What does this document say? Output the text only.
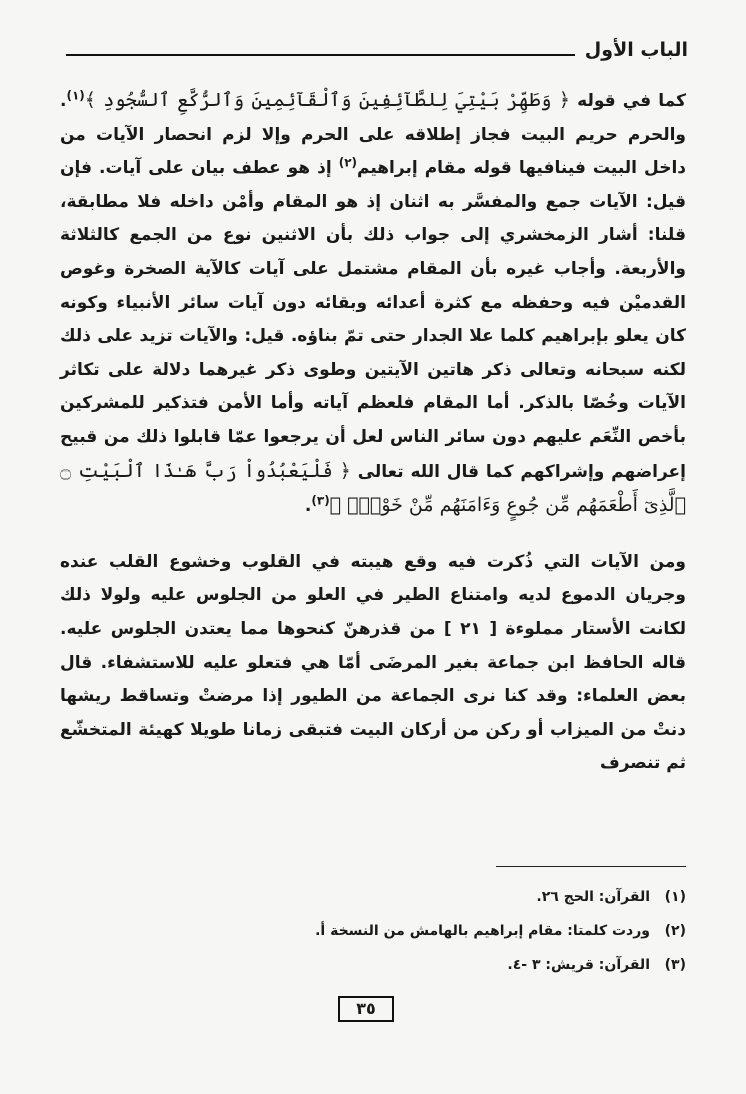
الباب الأول

كما في قوله ﴿ وَطَهِّرْ بَيْتِيَ لِلطَّآئِفِينَ وَٱلْقَآئِمِينَ وَٱلرُّكَّعِ ٱلسُّجُودِ ﴾$^{(١)}$. والحرم حريم البيت فجاز إطلاقه على الحرم وإلا لزم انحصار الآيات من داخل البيت فينافيها قوله مقام إبراهيم$^{(٢)}$ إذ هو عطف بيان على آيات. فإن قيل: الآيات جمع والمفسَّر به اثنان إذ هو المقام وأمْن داخله فلا مطابقة، قلنا: أشار الزمخشري إلى جواب ذلك بأن الاثنين نوع من الجمع كالثلاثة والأربعة. وأجاب غيره بأن المقام مشتمل على آيات كالآية الصخرة وغوص القدميْن فيه وحفظه مع كثرة أعدائه وبقائه دون آيات سائر الأنبياء وكونه كان يعلو بإبراهيم كلما علا الجدار حتى تمّ بناؤه. قيل: والآيات تزيد على ذلك لكنه سبحانه وتعالى ذكر هاتين الآيتين وطوى ذكر غيرهما دلالة على تكاثر الآيات وخُصّا بالذكر. أما المقام فلعظم آياته وأما الأمن فتذكير للمشركين بأخص النِّعَم عليهم دون سائر الناس لعل أن يرجعوا عمّا قابلوا ذلك من قبيح إعراضهم وإشراكهم كما قال الله تعالى ﴿ فَلْيَعْبُدُواْ رَبَّ هَـٰذَا ٱلْبَيْتِ ۝ ٱلَّذِىٓ أَطْعَمَهُم مِّن جُوعٍ وَءَامَنَهُم مِّنْ خَوْفٍۭ ﴾$^{(٣)}$.

ومن الآيات التي ذُكرت فيه وقع هيبته في القلوب وخشوع القلب عنده وجريان الدموع لديه وامتناع الطير في العلو من الجلوس عليه ولولا ذلك لكانت الأستار مملوءة [ ٢١ ] من قذرهنّ كنحوها مما يعتدن الجلوس عليه. قاله الحافظ ابن جماعة بغير المرضَى أمّا هي فتعلو عليه للاستشفاء. قال بعض العلماء: وقد كنا نرى الجماعة من الطيور إذا مرضتْ وتساقط ريشها دنتْ من الميزاب أو ركن من أركان البيت فتبقى زمانا طويلا كهيئة المتخشّع ثم تنصرف

(١)
القرآن: الحج ٢٦.
(٢)
وردت كلمتا: مقام إبراهيم بالهامش من النسخة أ.
(٣)
القرآن: قريش: ٣ -٤.
٣٥
